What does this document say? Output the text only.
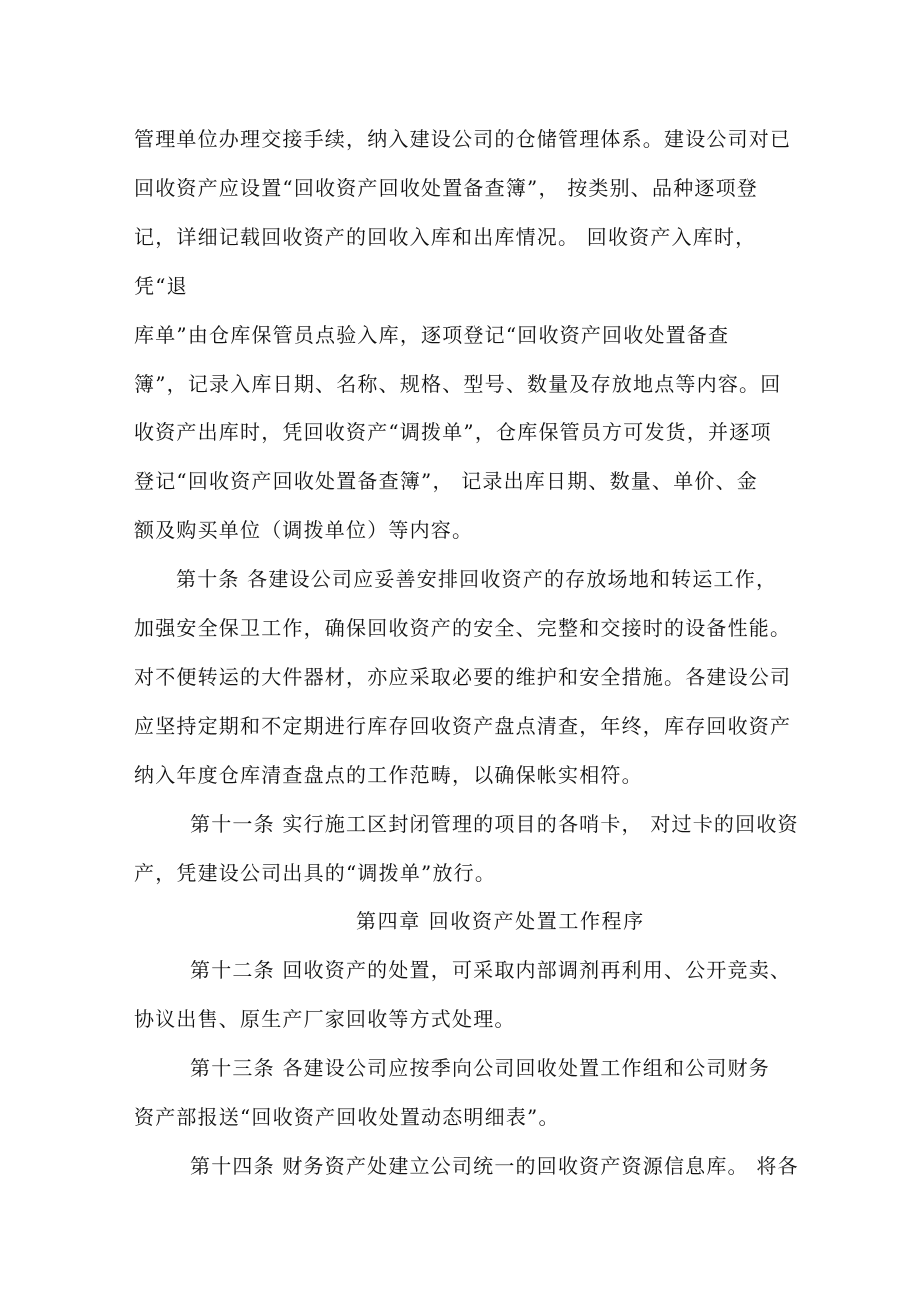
管理单位办理交接手续，纳入建设公司的仓储管理体系。建设公司对已
回收资产应设置“回收资产回收处置备查簿”， 按类别、品种逐项登
记，详细记载回收资产的回收入库和出库情况。 回收资产入库时，
凭“退
库单”由仓库保管员点验入库，逐项登记“回收资产回收处置备查
簿”，记录入库日期、名称、规格、型号、数量及存放地点等内容。回
收资产出库时，凭回收资产“调拨单”，仓库保管员方可发货，并逐项
登记“回收资产回收处置备查簿”， 记录出库日期、数量、单价、金
额及购买单位（调拨单位）等内容。
第十条 各建设公司应妥善安排回收资产的存放场地和转运工作，
加强安全保卫工作，确保回收资产的安全、完整和交接时的设备性能。
对不便转运的大件器材，亦应采取必要的维护和安全措施。各建设公司
应坚持定期和不定期进行库存回收资产盘点清查，年终，库存回收资产
纳入年度仓库清查盘点的工作范畴，以确保帐实相符。
第十一条 实行施工区封闭管理的项目的各哨卡， 对过卡的回收资
产，凭建设公司出具的“调拨单”放行。
第四章 回收资产处置工作程序
第十二条 回收资产的处置，可采取内部调剂再利用、公开竞卖、
协议出售、原生产厂家回收等方式处理。
第十三条 各建设公司应按季向公司回收处置工作组和公司财务
资产部报送“回收资产回收处置动态明细表”。
第十四条 财务资产处建立公司统一的回收资产资源信息库。 将各
